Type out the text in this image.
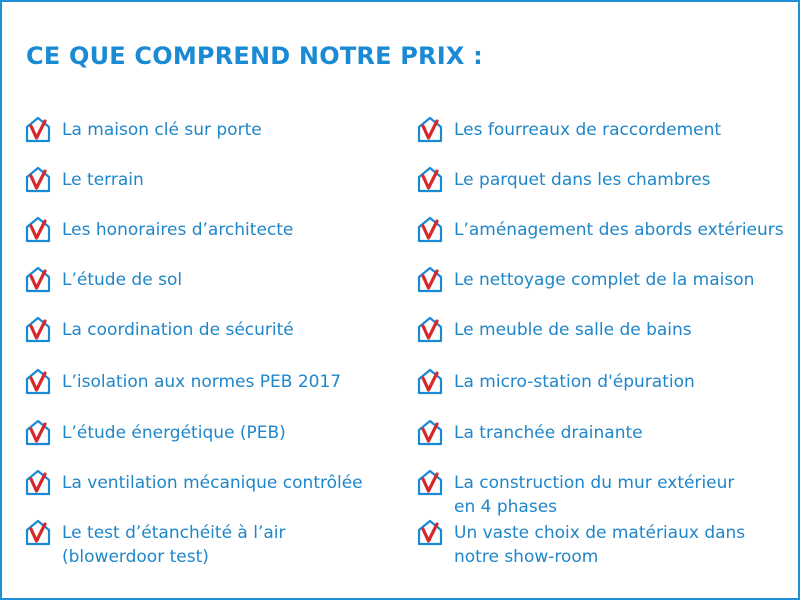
CE QUE COMPREND NOTRE PRIX :
La maison clé sur porte
Le terrain
Les honoraires d’architecte
L’étude de sol
La coordination de sécurité
L’isolation aux normes PEB 2017
L’étude énergétique (PEB)
La ventilation mécanique contrôlée
Le test d’étanchéité à l’air
(blowerdoor test)
Les fourreaux de raccordement
Le parquet dans les chambres
L’aménagement des abords extérieurs
Le nettoyage complet de la maison
Le meuble de salle de bains
La micro-station d'épuration
La tranchée drainante
La construction du mur extérieur
en 4 phases
Un vaste choix de matériaux dans
notre show-room
